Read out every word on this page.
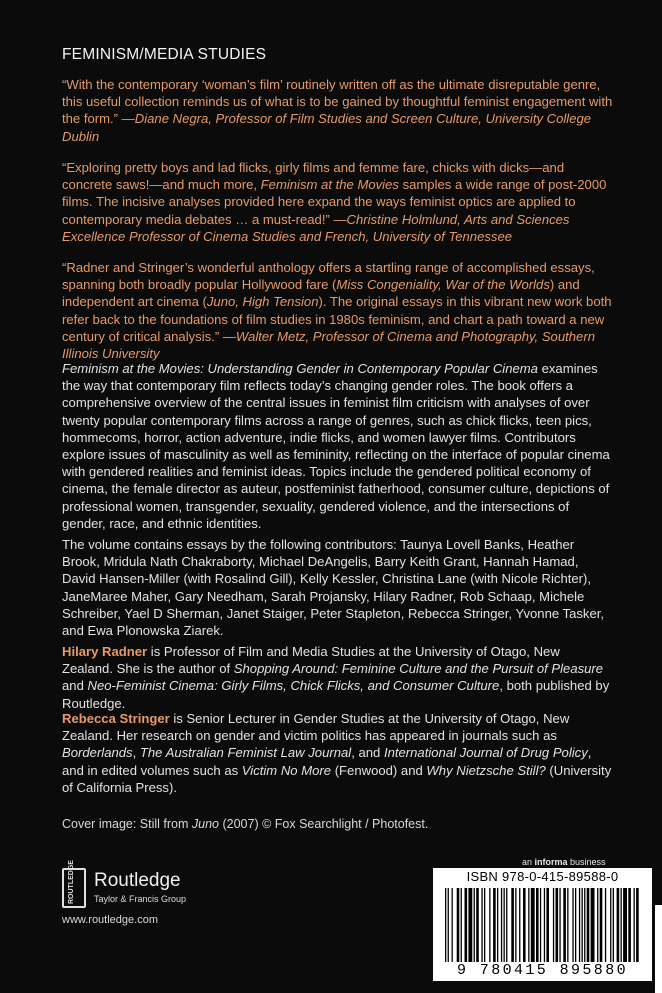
FEMINISM/MEDIA STUDIES

“With the contemporary ‘woman’s film’ routinely written off as the ultimate disreputable genre, this useful collection reminds us of what is to be gained by thoughtful feminist engagement with the form.” —Diane Negra, Professor of Film Studies and Screen Culture, University College Dublin

“Exploring pretty boys and lad flicks, girly films and femme fare, chicks with dicks—and concrete saws!—and much more, Feminism at the Movies samples a wide range of post-2000 films. The incisive analyses provided here expand the ways feminist optics are applied to contemporary media debates … a must-read!” —Christine Holmlund, Arts and Sciences Excellence Professor of Cinema Studies and French, University of Tennessee

“Radner and Stringer’s wonderful anthology offers a startling range of accomplished essays, spanning both broadly popular Hollywood fare (Miss Congeniality, War of the Worlds) and independent art cinema (Juno, High Tension). The original essays in this vibrant new work both refer back to the foundations of film studies in 1980s feminism, and chart a path toward a new century of critical analysis.” —Walter Metz, Professor of Cinema and Photography, Southern Illinois University

Feminism at the Movies: Understanding Gender in Contemporary Popular Cinema examines the way that contemporary film reflects today’s changing gender roles. The book offers a comprehensive overview of the central issues in feminist film criticism with analyses of over twenty popular contemporary films across a range of genres, such as chick flicks, teen pics, hommecoms, horror, action adventure, indie flicks, and women lawyer films. Contributors explore issues of masculinity as well as femininity, reflecting on the interface of popular cinema with gendered realities and feminist ideas. Topics include the gendered political economy of cinema, the female director as auteur, postfeminist fatherhood, consumer culture, depictions of professional women, transgender, sexuality, gendered violence, and the intersections of gender, race, and ethnic identities.

The volume contains essays by the following contributors: Taunya Lovell Banks, Heather Brook, Mridula Nath Chakraborty, Michael DeAngelis, Barry Keith Grant, Hannah Hamad, David Hansen-Miller (with Rosalind Gill), Kelly Kessler, Christina Lane (with Nicole Richter), JaneMaree Maher, Gary Needham, Sarah Projansky, Hilary Radner, Rob Schaap, Michele Schreiber, Yael D Sherman, Janet Staiger, Peter Stapleton, Rebecca Stringer, Yvonne Tasker, and Ewa Plonowska Ziarek.

Hilary Radner is Professor of Film and Media Studies at the University of Otago, New Zealand. She is the author of Shopping Around: Feminine Culture and the Pursuit of Pleasure and Neo-Feminist Cinema: Girly Films, Chick Flicks, and Consumer Culture, both published by Routledge.

Rebecca Stringer is Senior Lecturer in Gender Studies at the University of Otago, New Zealand. Her research on gender and victim politics has appeared in journals such as Borderlands, The Australian Feminist Law Journal, and International Journal of Drug Policy, and in edited volumes such as Victim No More (Fenwood) and Why Nietzsche Still? (University of California Press).

Cover image: Still from Juno (2007) © Fox Searchlight / Photofest.
ROUTLEDGE Routledge
Taylor & Francis Group
www.routledge.com
an informa business
ISBN 978-0-415-89588-0
9 780415 895880
